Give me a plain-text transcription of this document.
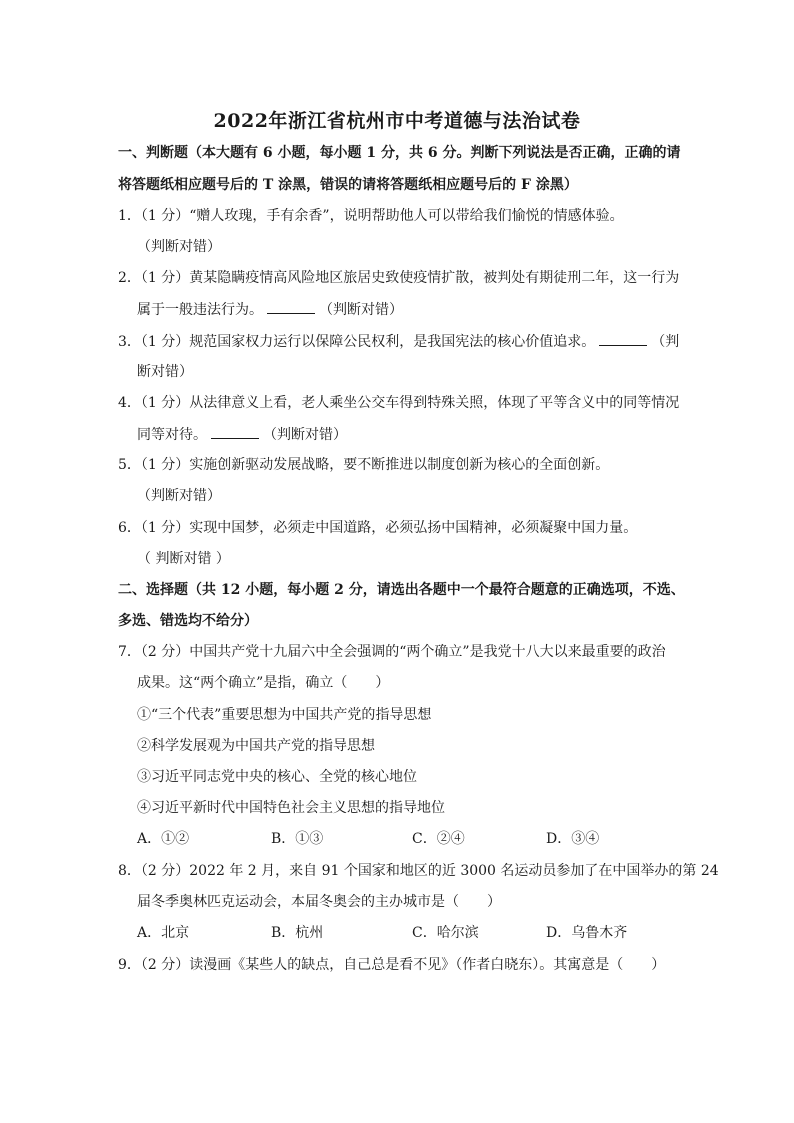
2022年浙江省杭州市中考道德与法治试卷
一、判断题（本大题有 6 小题，每小题 1 分，共 6 分。判断下列说法是否正确，正确的请
将答题纸相应题号后的 T 涂黑，错误的请将答题纸相应题号后的 F 涂黑）
1．（1 分）“赠人玫瑰，手有余香”，说明帮助他人可以带给我们愉悦的情感体验。
（判断对错）
2．（1 分）黄某隐瞒疫情高风险地区旅居史致使疫情扩散，被判处有期徒刑二年，这一行为
属于一般违法行为。	（判断对错）
3．（1 分）规范国家权力运行以保障公民权利，是我国宪法的核心价值追求。	（判
断对错）
4．（1 分）从法律意义上看，老人乘坐公交车得到特殊关照，体现了平等含义中的同等情况
同等对待。	（判断对错）
5．（1 分）实施创新驱动发展战略，要不断推进以制度创新为核心的全面创新。
（判断对错）
6．（1 分）实现中国梦，必须走中国道路，必须弘扬中国精神，必须凝聚中国力量。
（ 判断对错 ）
二、选择题（共 12 小题，每小题 2 分，请选出各题中一个最符合题意的正确选项，不选、
多选、错选均不给分）
7．（2 分）中国共产党十九届六中全会强调的“两个确立”是我党十八大以来最重要的政治
成果。这“两个确立”是指，确立（　　）
①“三个代表”重要思想为中国共产党的指导思想
②科学发展观为中国共产党的指导思想
③习近平同志党中央的核心、全党的核心地位
④习近平新时代中国特色社会主义思想的指导地位
A．①②	B．①③	C．②④	D．③④
8．（2 分）2022 年 2 月，来自 91 个国家和地区的近 3000 名运动员参加了在中国举办的第 24
届冬季奥林匹克运动会，本届冬奥会的主办城市是（　　）
A．北京	B．杭州	C．哈尔滨	D．乌鲁木齐
9．（2 分）读漫画《某些人的缺点，自己总是看不见》（作者白晓东）。其寓意是（　　）
